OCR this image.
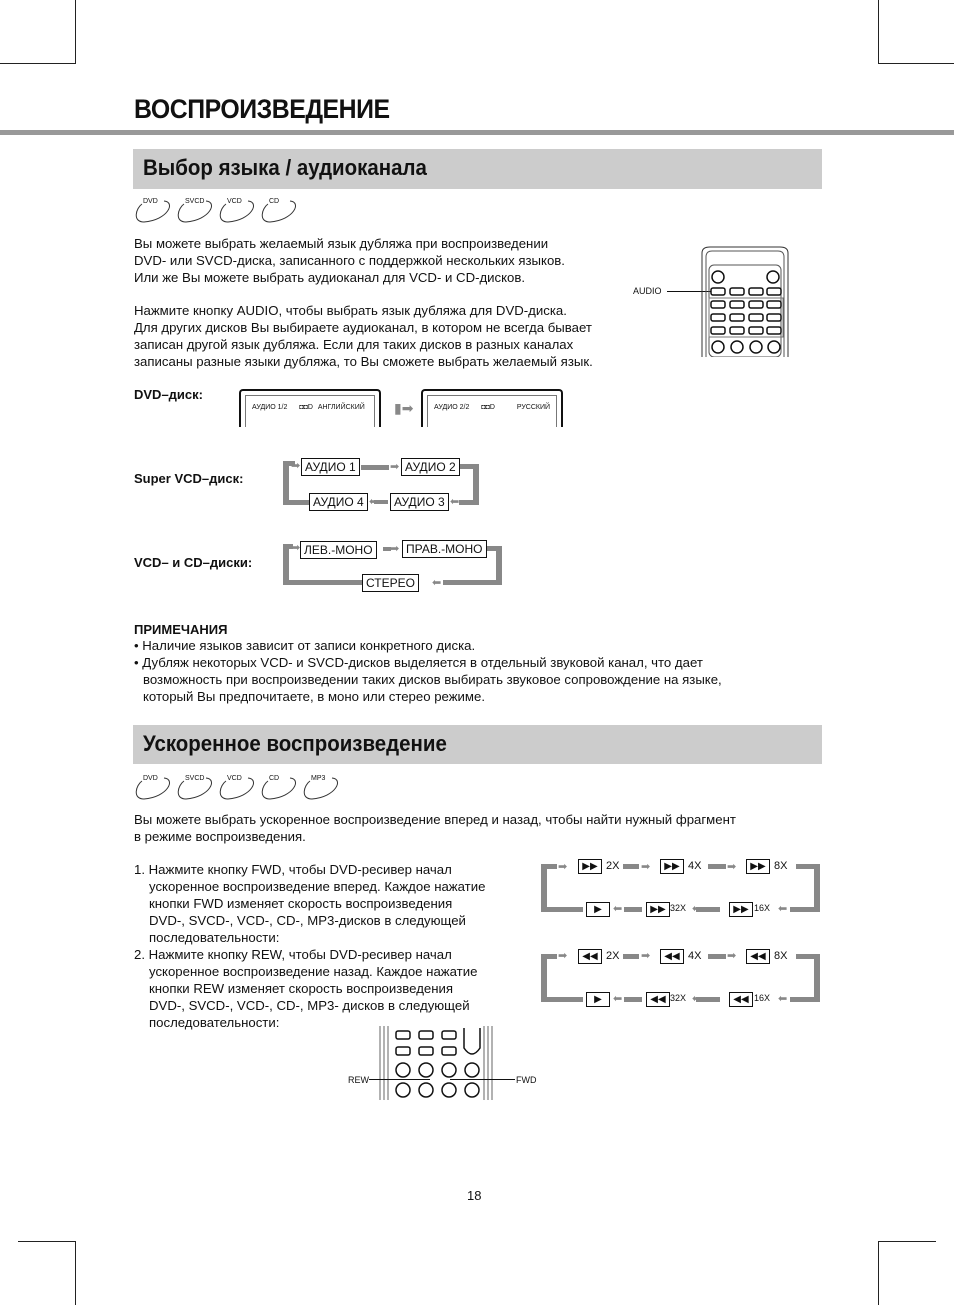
ВОСПРОИЗВЕДЕНИЕ
Выбор языка / аудиоканала
DVD	SVCD	VCD	CD
Вы можете выбрать желаемый язык дубляжа при воспроизведении
DVD- или SVCD-диска, записанного с поддержкой нескольких языков.
Или же Вы можете выбрать аудиоканал для VCD- и CD-дисков.
Нажмите кнопку AUDIO, чтобы выбрать язык дубляжа для DVD-диска.
Для других дисков Вы выбираете аудиоканал, в котором не всегда бывает
записан другой язык дубляжа. Если для таких дисков в разных каналах
записаны разные языки дубляжа, то Вы сможете выбрать желаемый язык.
AUDIO
DVD–диск:
АУДИО 1/2 ◘◘D АНГЛИЙСКИЙ	▮➡	АУДИО 2/2 ◘◘D	РУССКИЙ
Super VCD–диск:
➡	➡
⬅
⬅
АУДИО 1	АУДИО 2
АУДИО 3
АУДИО 4
VCD– и CD–диски:
➡	➡
⬅
ЛЕВ.-МОНО	ПРАВ.-МОНО
СТЕРЕО
ПРИМЕЧАНИЯ
• Наличие языков зависит от записи конкретного диска.
• Дубляж некоторых VCD- и SVCD-дисков выделяется в отдельный звуковой канал, что дает
возможность при воспроизведении таких дисков выбирать звуковое сопровождение на языке,
который Вы предпочитаете, в моно или стерео режиме.
Ускоренное воспроизведение
DVD	SVCD	VCD	CD	MP3
Вы можете выбрать ускоренное воспроизведение вперед и назад, чтобы найти нужный фрагмент
в режиме воспроизведения.
1. Нажмите кнопку FWD, чтобы DVD-ресивер начал
ускоренное воспроизведение вперед. Каждое нажатие
кнопки FWD изменяет скорость воспроизведения
DVD-, SVCD-, VCD-, CD-, MP3-дисков в следующей
последовательности:
2. Нажмите кнопку REW, чтобы DVD-ресивер начал
ускоренное воспроизведение назад. Каждое нажатие
кнопки REW изменяет скорость воспроизведения
DVD-, SVCD-, VCD-, CD-, MP3- дисков в следующей
последовательности:
➡	➡	➡
⬅
⬅
⬅
▶▶ 2X	▶▶ 4X	▶▶ 8X
▶▶ 16X
▶▶ 32X
▶
➡	➡	➡
⬅
⬅
⬅
◀◀ 2X	◀◀ 4X	◀◀ 8X
◀◀ 16X
◀◀ 32X
▶
REW	FWD
18
